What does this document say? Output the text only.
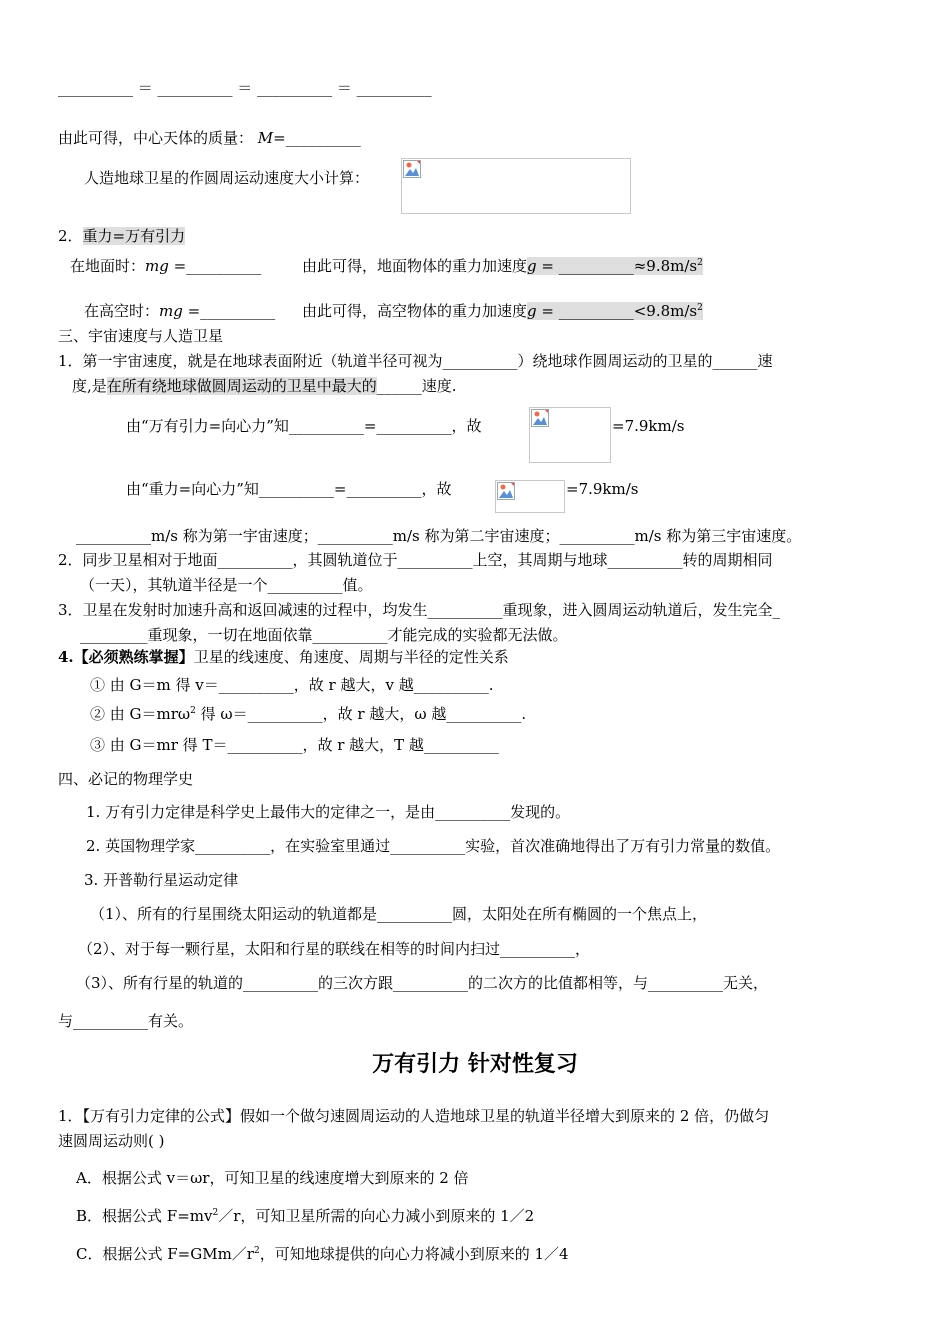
__________ ＝ __________ ＝ __________ ＝ __________
由此可得，中心天体的质量： M=__________
人造地球卫星的作圆周运动速度大小计算：
2．重力=万有引力
在地面时：mg =__________	由此可得，地面物体的重力加速度$g = \_\_\_\_\_\_\_\_\_\_\approx 9.8m/s^2$
在高空时：mg =__________ 由此可得，高空物体的重力加速度$g = \_\_\_\_\_\_\_\_\_\_<9.8m/s^2$
三、宇宙速度与人造卫星
1．第一宇宙速度，就是在地球表面附近（轨道半径可视为__________）绕地球作圆周运动的卫星的______速
度,是在所有绕地球做圆周运动的卫星中最大的______速度.
由“万有引力=向心力”知__________=__________，故	=7.9km/s
由“重力=向心力”知__________=__________，故	=7.9km/s
__________m/s 称为第一宇宙速度；__________m/s 称为第二宇宙速度；__________m/s 称为第三宇宙速度。
2．同步卫星相对于地面__________，其圆轨道位于__________上空，其周期与地球__________转的周期相同
（一天），其轨道半径是一个__________值。
3．卫星在发射时加速升高和返回减速的过程中，均发生__________重现象，进入圆周运动轨道后，发生完全_
_________重现象，一切在地面依靠__________才能完成的实验都无法做。
4.【必须熟练掌握】卫星的线速度、角速度、周期与半径的定性关系
① 由 G＝m 得 v＝__________，故 r 越大，v 越__________.
② 由 G＝mrω$^2$ 得 ω＝__________，故 r 越大，ω 越__________.
③ 由 G＝mr 得 T＝__________，故 r 越大，T 越__________
四、必记的物理学史
1. 万有引力定律是科学史上最伟大的定律之一，是由__________发现的。
2. 英国物理学家__________，在实验室里通过__________实验，首次准确地得出了万有引力常量的数值。
3. 开普勒行星运动定律
（1）、所有的行星围绕太阳运动的轨道都是__________圆，太阳处在所有椭圆的一个焦点上，
（2）、对于每一颗行星，太阳和行星的联线在相等的时间内扫过__________，
（3）、所有行星的轨道的__________的三次方跟__________的二次方的比值都相等，与__________无关，
与__________有关。
万有引力 针对性复习
1．【万有引力定律的公式】假如一个做匀速圆周运动的人造地球卫星的轨道半径增大到原来的 2 倍，仍做匀
速圆周运动则( )
A．根据公式 v＝ωr，可知卫星的线速度增大到原来的 2 倍
B．根据公式 $F=mv^2/r$，可知卫星所需的向心力减小到原来的 1／2
C．根据公式 $F=GMm/r^2$，可知地球提供的向心力将减小到原来的 1／4
